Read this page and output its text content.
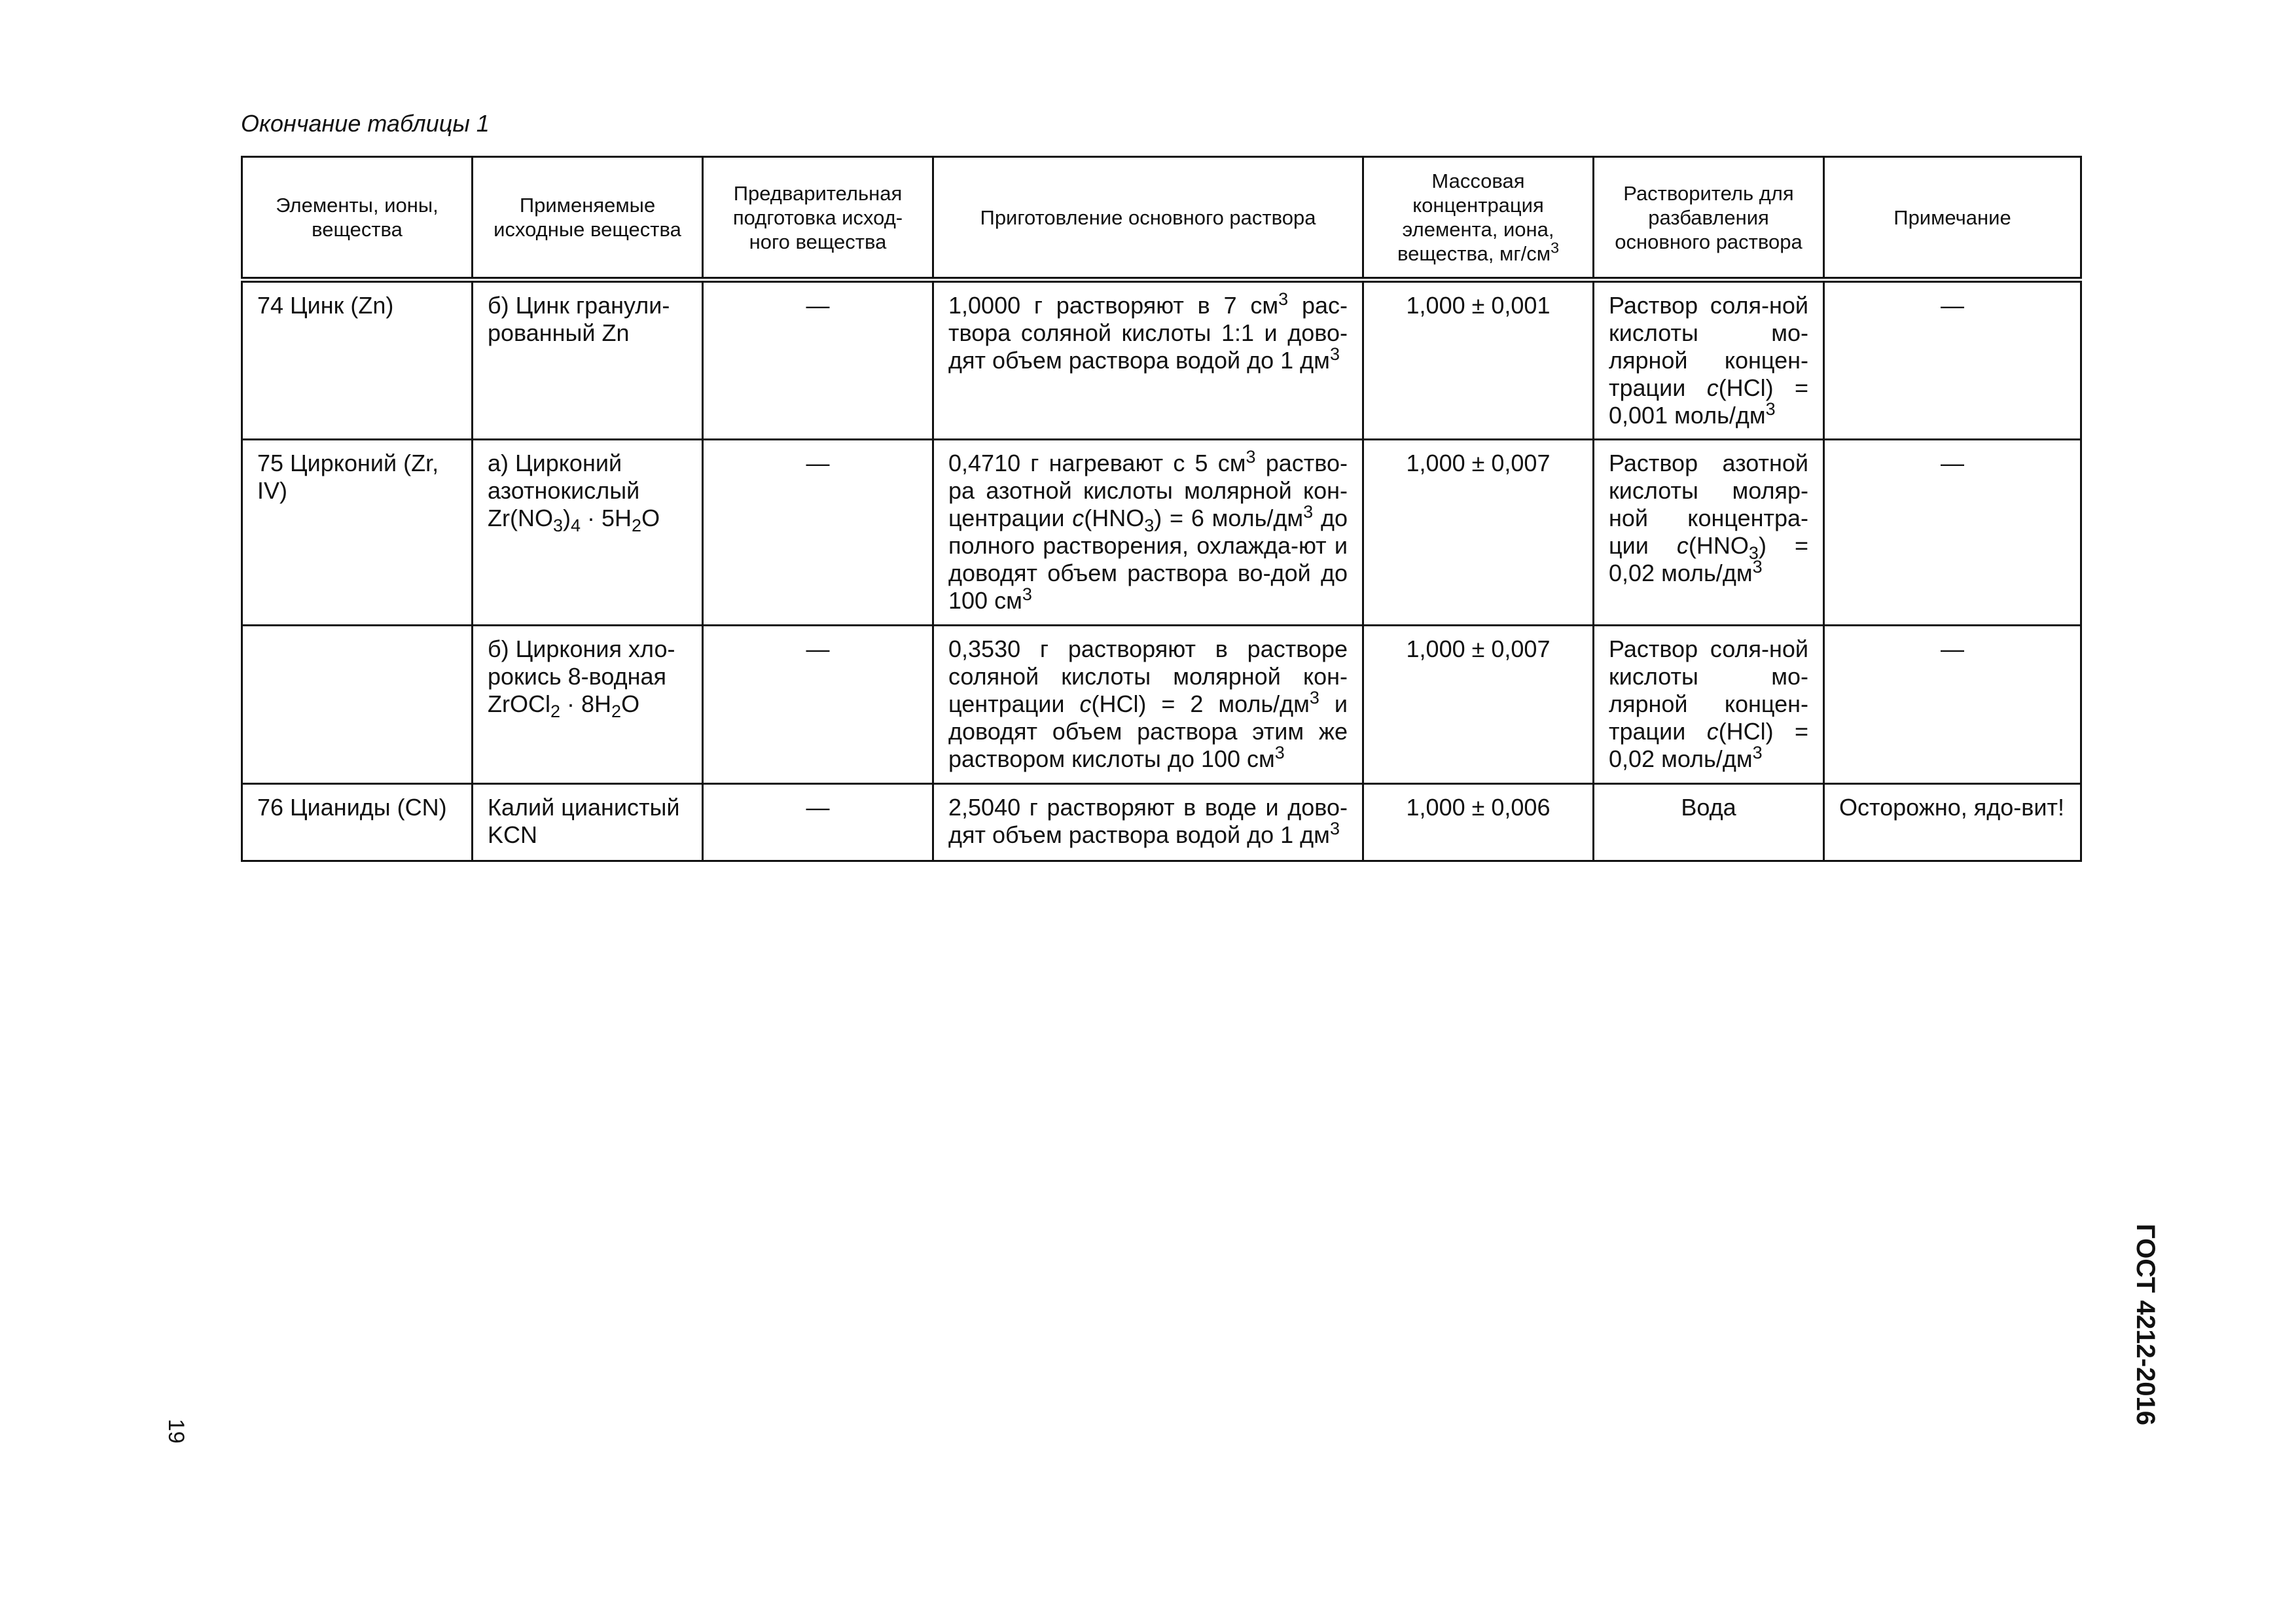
Окончание таблицы 1

Элементы, ионы, вещества	Применяемые исходные вещества	Предварительная подготовка исход-ного вещества	Приготовление основного раствора	Массовая концентрация элемента, иона, вещества, $мг/см^3$	Растворитель для разбавления основного раствора	Примечание
74 Цинк (Zn)	б) Цинк гранули-рованный Zn	—	1,0000 г растворяют в 7 $см^3$ рас-твора соляной кислоты 1:1 и дово-дят объем раствора водой до 1 $дм^3$	1,000 ± 0,001	Раствор соля-ной кислоты мо-лярной концен-трации c(HCl) = 0,001 моль/$дм^3$	—
75 Цирконий (Zr, IV)	а) Цирконий азотнокислый $Zr(NO_3)_4 \cdot 5H_2O$	—	0,4710 г нагревают с 5 $см^3$ раство-ра азотной кислоты молярной кон-центрации $c(HNO_3) = 6$ моль/$дм^3$ до полного растворения, охлажда-ют и доводят объем раствора во-дой до 100 $см^3$	1,000 ± 0,007	Раствор азотной кислоты моляр-ной концентра-ции $c(HNO_3) = 0,02$ моль/$дм^3$	—
	б) Циркония хло-рокись 8-водная ZrOCl$_2$ · $8H_2O$	—	0,3530 г растворяют в растворе соляной кислоты молярной кон-центрации c(HCl) = 2 моль/$дм^3$ и доводят объем раствора этим же раствором кислоты до 100 $см^3$	1,000 ± 0,007	Раствор соля-ной кислоты мо-лярной концен-трации c(HCl) = 0,02 моль/$дм^3$	—
76 Цианиды (CN)	Калий цианистый KCN	—	2,5040 г растворяют в воде и дово-дят объем раствора водой до 1 $дм^3$	1,000 ± 0,006	Вода	Осторожно, ядо-вит!

19

ГОСТ 4212-2016
